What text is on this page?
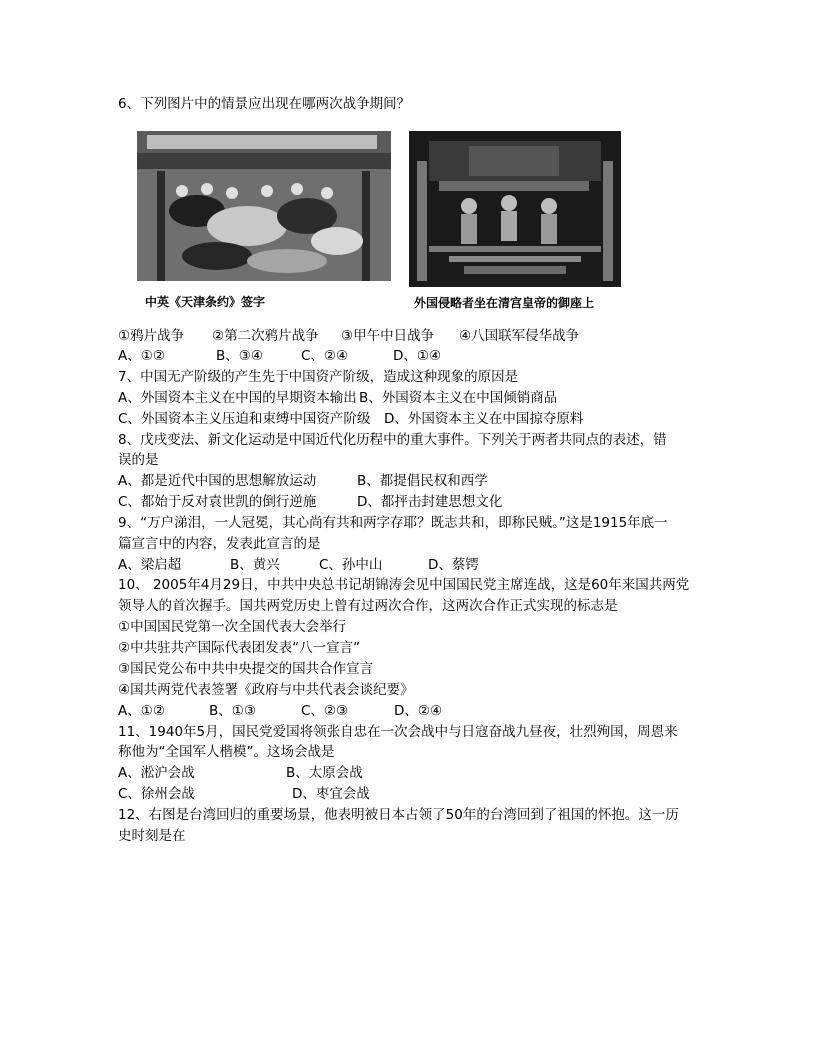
6、下列图片中的情景应出现在哪两次战争期间？
中英《天津条约》签字	外国侵略者坐在清宫皇帝的御座上
①鸦片战争 ②第二次鸦片战争 ③甲午中日战争 ④八国联军侵华战争
A、①②	B、③④	C、②④	D、①④
7、中国无产阶级的产生先于中国资产阶级，造成这种现象的原因是
A、外国资本主义在中国的早期资本输出 B、外国资本主义在中国倾销商品
C、外国资本主义压迫和束缚中国资产阶级 D、外国资本主义在中国掠夺原料
8、戊戌变法、新文化运动是中国近代化历程中的重大事件。下列关于两者共同点的表述，错
误的是
A、都是近代中国的思想解放运动	B、都提倡民权和西学
C、都始于反对袁世凯的倒行逆施	D、都抨击封建思想文化
9、“万户涕泪，一人冠冕，其心尚有共和两字存耶？既志共和，即称民贼。”这是1915年底一
篇宣言中的内容，发表此宣言的是
A、梁启超	B、黄兴	C、孙中山	D、蔡锷
10、 2005年4月29日，中共中央总书记胡锦涛会见中国国民党主席连战，这是60年来国共两党
领导人的首次握手。国共两党历史上曾有过两次合作，这两次合作正式实现的标志是
①中国国民党第一次全国代表大会举行
②中共驻共产国际代表团发表“八一宣言”
③国民党公布中共中央提交的国共合作宣言
④国共两党代表签署《政府与中共代表会谈纪要》
A、①②	B、①③	C、②③	D、②④
11、1940年5月，国民党爱国将领张自忠在一次会战中与日寇奋战九昼夜，壮烈殉国，周恩来
称他为“全国军人楷模”。这场会战是
A、淞沪会战	B、太原会战
C、徐州会战	D、枣宜会战
12、右图是台湾回归的重要场景，他表明被日本占领了50年的台湾回到了祖国的怀抱。这一历
史时刻是在
